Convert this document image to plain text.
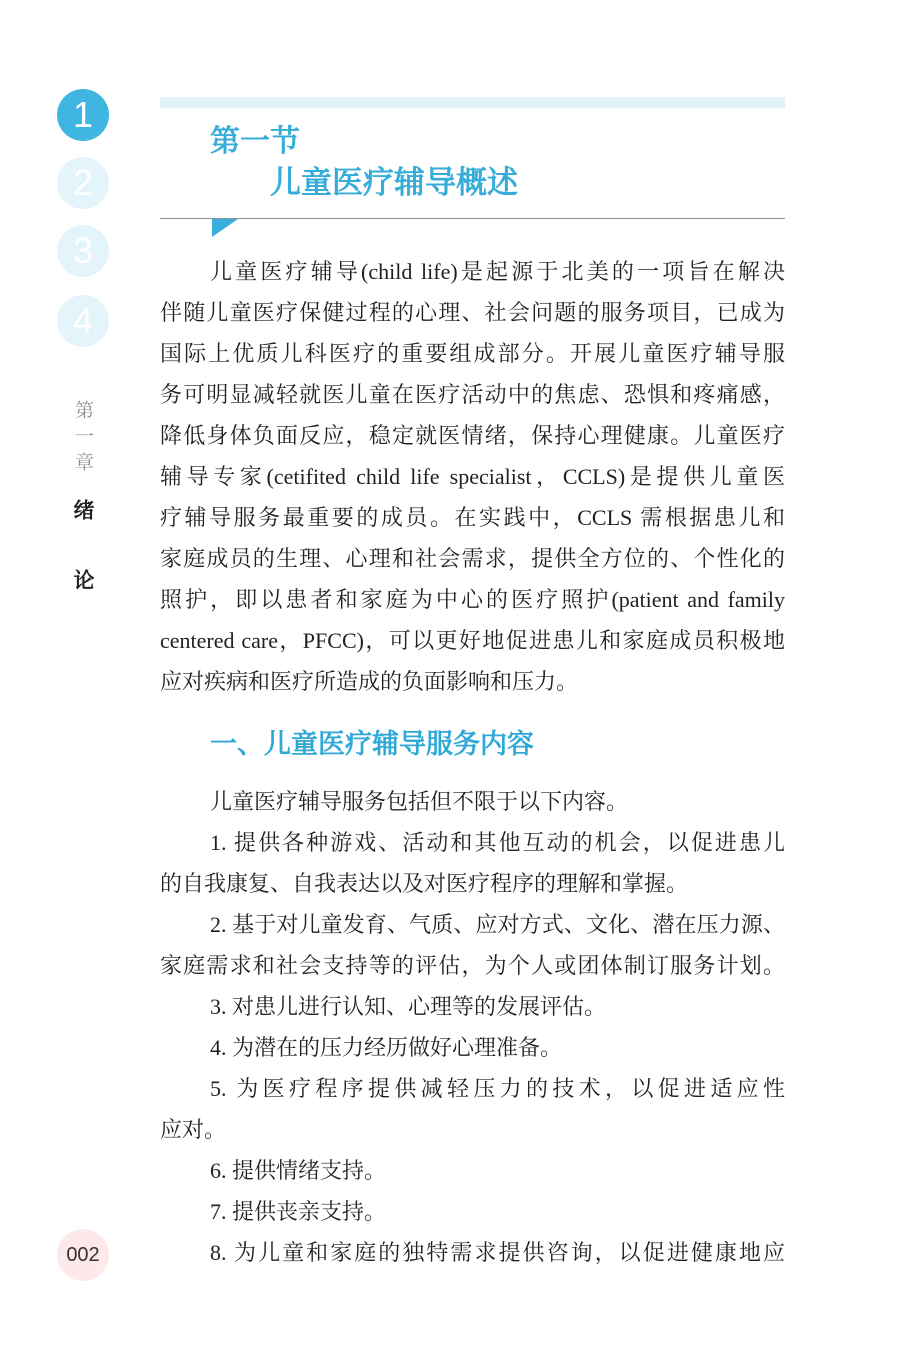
1
2
3
4
第一章
绪论
002
第一节
儿童医疗辅导概述
儿童医疗辅导(child life)是起源于北美的一项旨在解决
伴随儿童医疗保健过程的心理、社会问题的服务项目，已成为
国际上优质儿科医疗的重要组成部分。开展儿童医疗辅导服
务可明显减轻就医儿童在医疗活动中的焦虑、恐惧和疼痛感，
降低身体负面反应，稳定就医情绪，保持心理健康。儿童医疗
辅导专家(cetifited child life specialist，CCLS)是提供儿童医
疗辅导服务最重要的成员。在实践中，CCLS 需根据患儿和
家庭成员的生理、心理和社会需求，提供全方位的、个性化的
照护，即以患者和家庭为中心的医疗照护(patient and family
centered care，PFCC)，可以更好地促进患儿和家庭成员积极地
应对疾病和医疗所造成的负面影响和压力。
一、儿童医疗辅导服务内容
儿童医疗辅导服务包括但不限于以下内容。
1. 提供各种游戏、活动和其他互动的机会，以促进患儿
的自我康复、自我表达以及对医疗程序的理解和掌握。
2. 基于对儿童发育、气质、应对方式、文化、潜在压力源、
家庭需求和社会支持等的评估，为个人或团体制订服务计划。
3. 对患儿进行认知、心理等的发展评估。
4. 为潜在的压力经历做好心理准备。
5. 为医疗程序提供减轻压力的技术，以促进适应性
应对。
6. 提供情绪支持。
7. 提供丧亲支持。
8. 为儿童和家庭的独特需求提供咨询，以促进健康地应
